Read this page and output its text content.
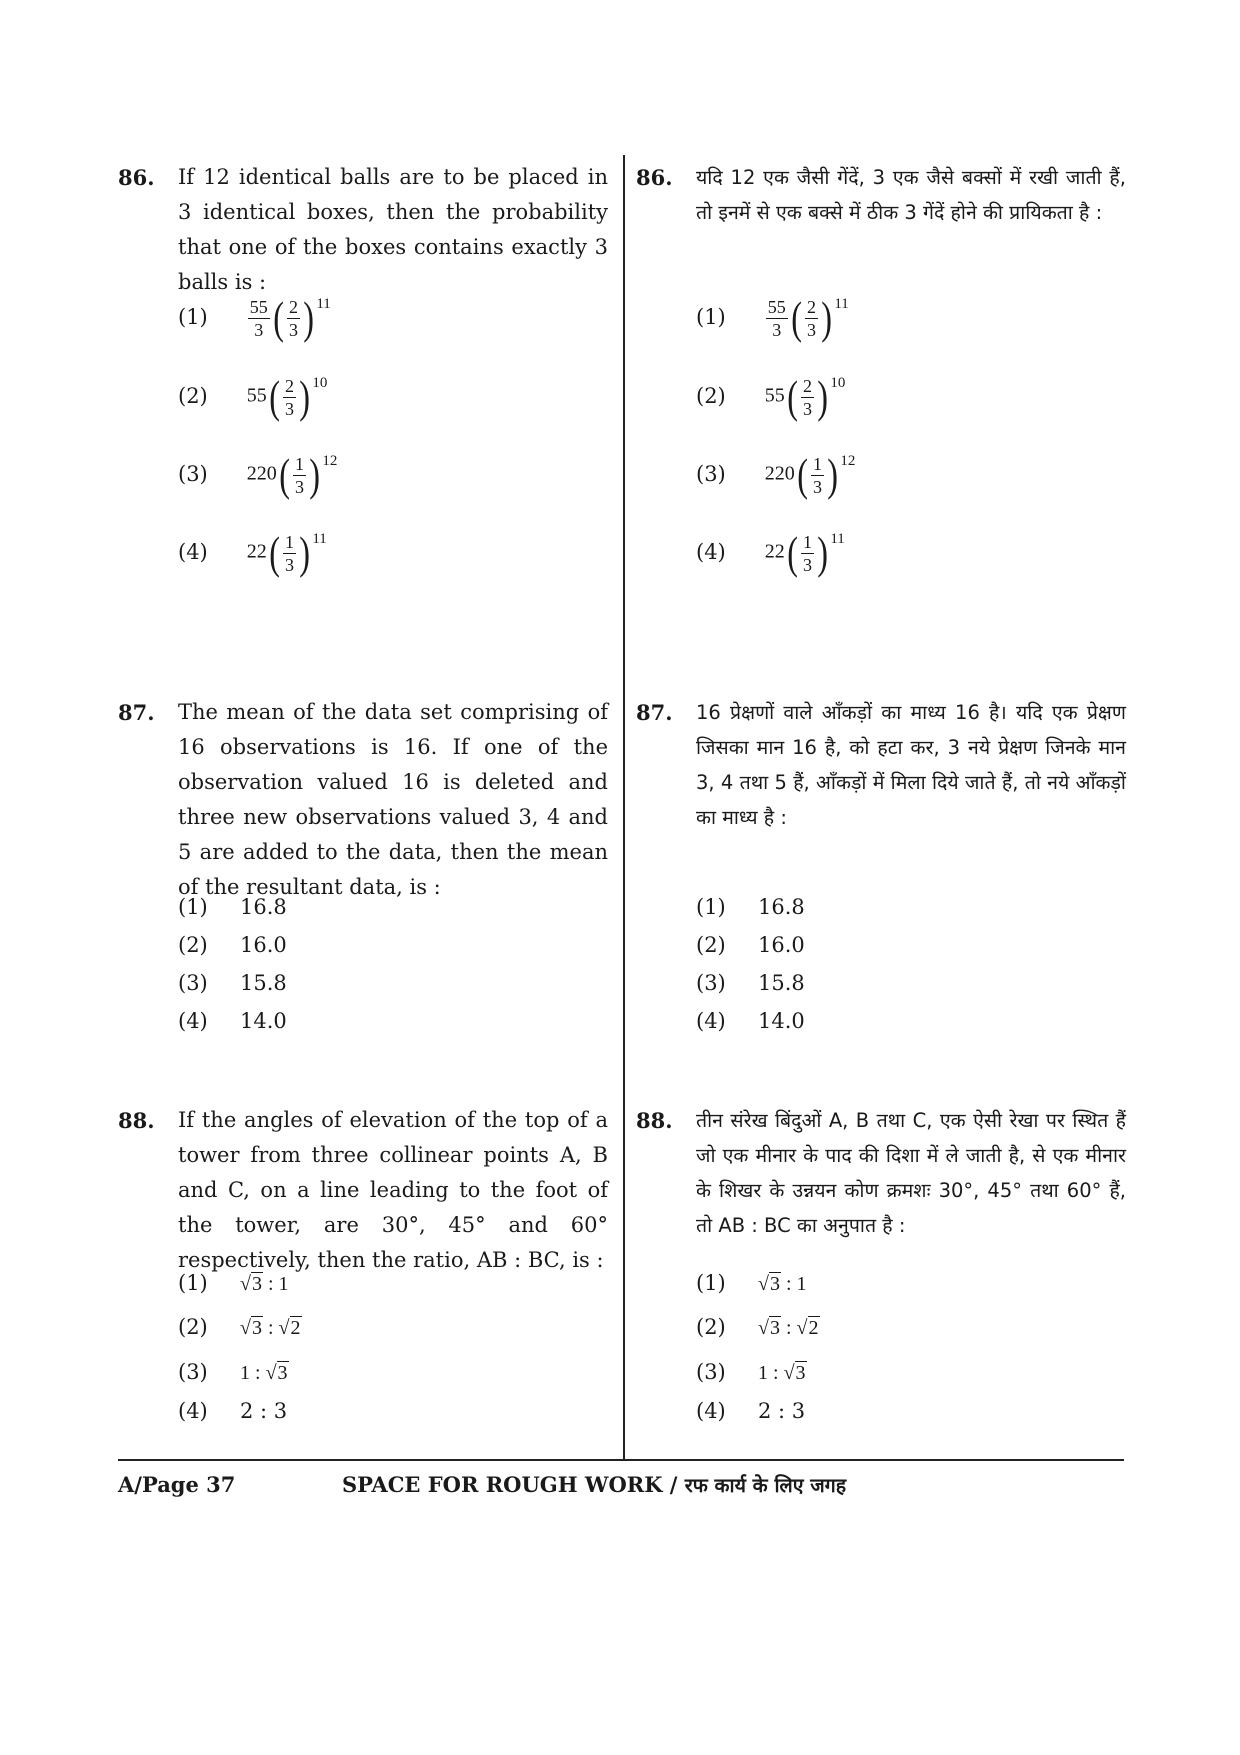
86. If 12 identical balls are to be placed in 3 identical boxes, then the probability that one of the boxes contains exactly 3 balls is :
$(1) \frac{55}{3}$ ( $\frac{2}{3}$ ) 11
(2) $55( \frac{2}{3}$ ) 10
(3) $220( \frac{1}{3}$ ) 12
(4) $22( \frac{1}{3}$ ) 11
87. The mean of the data set comprising of 16 observations is 16. If one of the observation valued 16 is deleted and three new observations valued 3, 4 and 5 are added to the data, then the mean of the resultant data, is :
(1) 16.8
(2) 16.0
(3) 15.8
(4) 14.0
88. If the angles of elevation of the top of a tower from three collinear points A, B and C, on a line leading to the foot of the tower, are 30°, 45° and 60° respectively, then the ratio, AB : BC, is :
(1) √3 : 1
(2) √3 : √2
(3) 1 : √3
(4) 2 : 3
86. यदि 12 एक जैसी गेंदें, 3 एक जैसे बक्सों में रखी जाती हैं, तो इनमें से एक बक्से में ठीक 3 गेंदें होने की प्रायिकता है :
$(1) \frac{55}{3}$ ( $\frac{2}{3}$ ) 11
(2) $55( \frac{2}{3}$ ) 10
(3) $220( \frac{1}{3}$ ) 12
(4) $22( \frac{1}{3}$ ) 11
87. 16 प्रेक्षणों वाले आँकड़ों का माध्य 16 है। यदि एक प्रेक्षण जिसका मान 16 है, को हटा कर, 3 नये प्रेक्षण जिनके मान 3, 4 तथा 5 हैं, आँकड़ों में मिला दिये जाते हैं, तो नये आँकड़ों का माध्य है :
(1) 16.8
(2) 16.0
(3) 15.8
(4) 14.0
88. तीन संरेख बिंदुओं A, B तथा C, एक ऐसी रेखा पर स्थित हैं जो एक मीनार के पाद की दिशा में ले जाती है, से एक मीनार के शिखर के उन्नयन कोण क्रमशः 30°, 45° तथा 60° हैं, तो AB : BC का अनुपात है :
(1) √3 : 1
(2) √3 : √2
(3) 1 : √3
(4) 2 : 3
A/Page 37	SPACE FOR ROUGH WORK / रफ कार्य के लिए जगह
